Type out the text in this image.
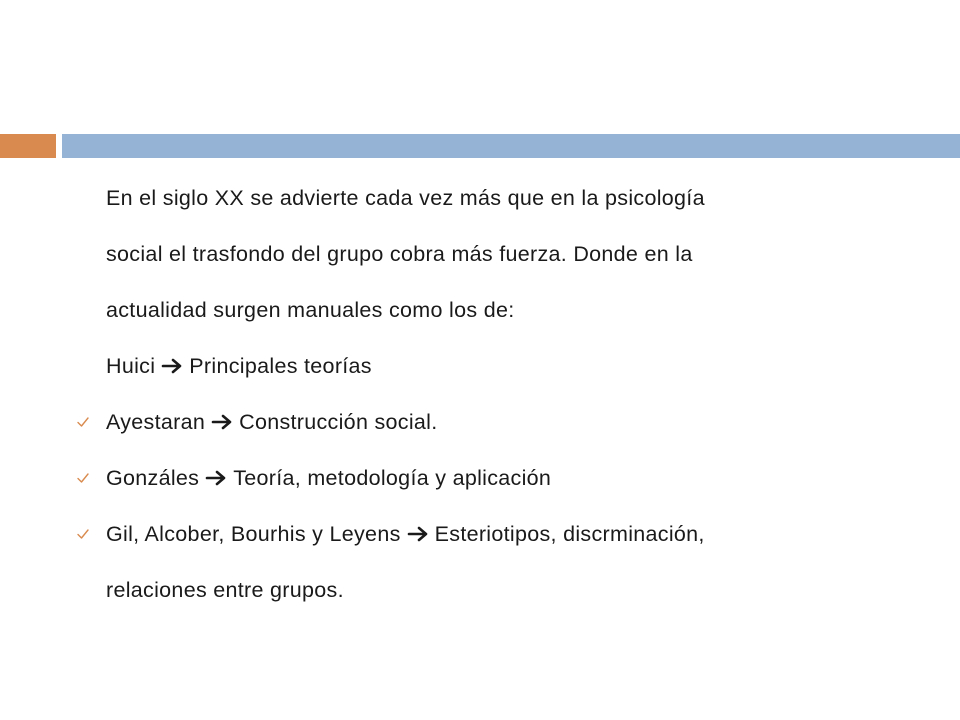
En el siglo XX se advierte cada vez más que en la psicología
social el trasfondo del grupo cobra más fuerza. Donde en la
actualidad surgen manuales como los de:
Huici Principales teorías
Ayestaran Construcción social.
Gonzáles Teoría, metodología y aplicación
Gil, Alcober, Bourhis y Leyens Esteriotipos, discrminación,
relaciones entre grupos.
